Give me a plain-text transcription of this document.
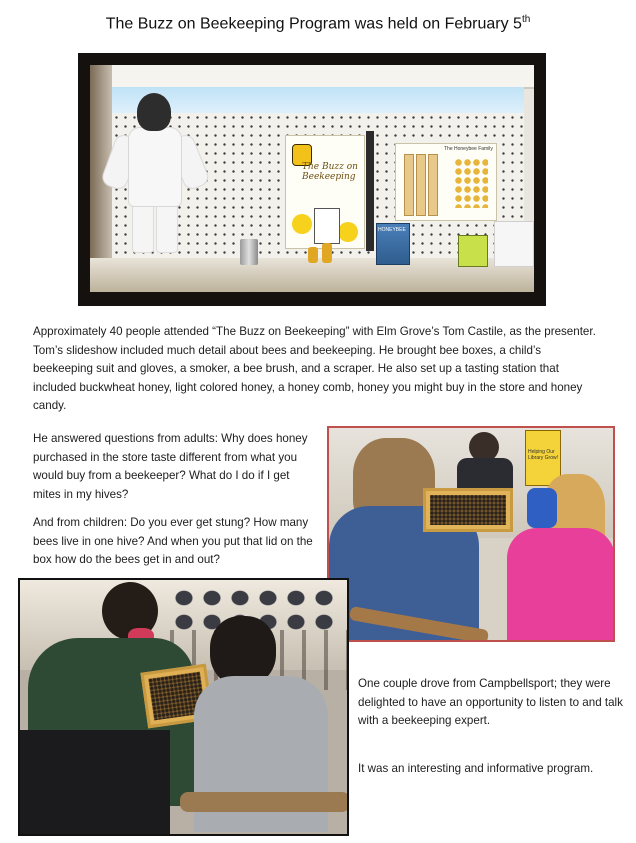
The Buzz on Beekeeping Program was held on February 5th
The Buzz on Beekeeping
The Honeybee Family
HONEYBEE

Approximately 40 people attended “The Buzz on Beekeeping” with Elm Grove’s Tom Castile, as the presenter. Tom’s slideshow included much detail about bees and beekeeping. He brought bee boxes, a child’s beekeeping suit and gloves, a smoker, a bee brush, and a scraper. He also set up a tasting station that included buckwheat honey, light colored honey, a honey comb, honey you might buy in the store and honey candy.

He answered questions from adults: Why does honey purchased in the store taste different from what you would buy from a beekeeper? What do I do if I get mites in my hives?

And from children: Do you ever get stung? How many bees live in one hive? And when you put that lid on the box how do the bees get in and out?

Helping Our Library Grow!

One couple drove from Campbellsport; they were delighted to have an opportunity to listen to and talk with a beekeeping expert.

It was an interesting and informative program.
